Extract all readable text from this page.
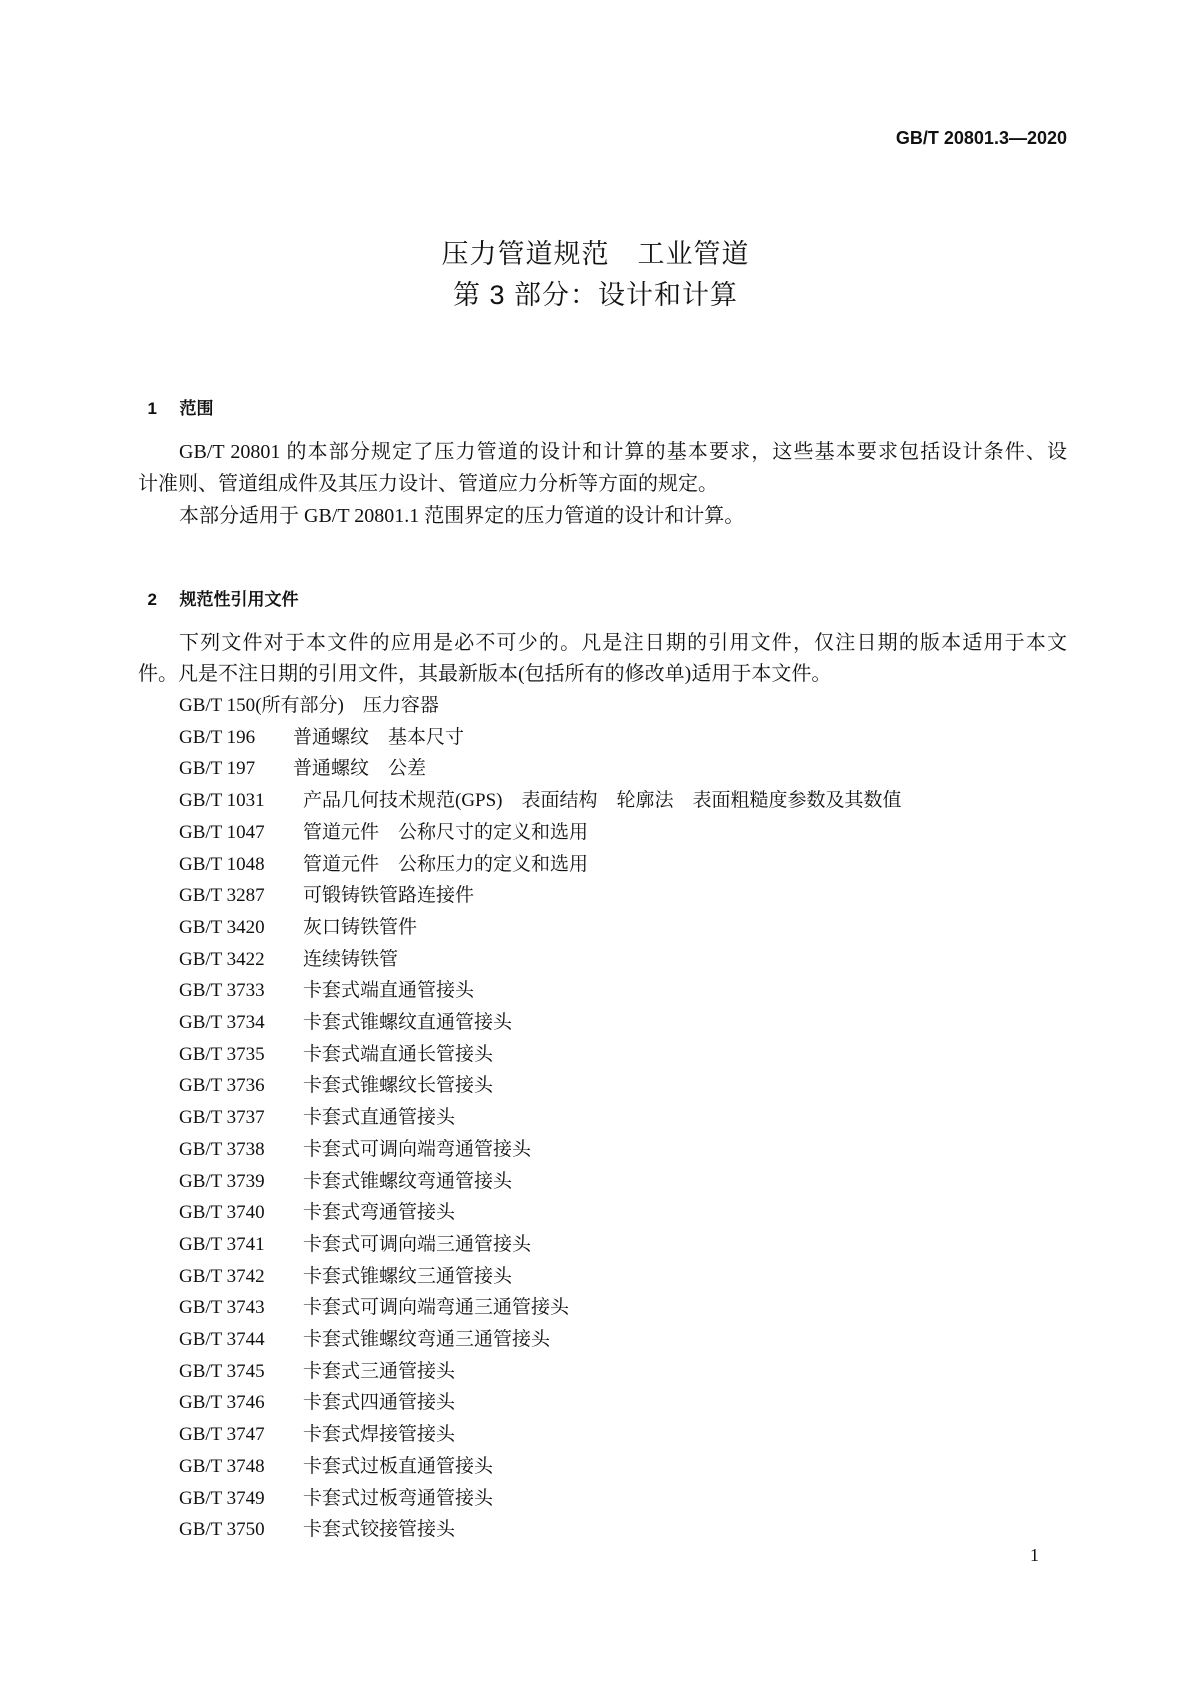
GB/T 20801.3—2020
压力管道规范　工业管道
第 3 部分：设计和计算

1 范围

GB/T 20801 的本部分规定了压力管道的设计和计算的基本要求，这些基本要求包括设计条件、设
计准则、管道组成件及其压力设计、管道应力分析等方面的规定。
本部分适用于 GB/T 20801.1 范围界定的压力管道的设计和计算。

2 规范性引用文件

下列文件对于本文件的应用是必不可少的。凡是注日期的引用文件，仅注日期的版本适用于本文
件。凡是不注日期的引用文件，其最新版本(包括所有的修改单)适用于本文件。
GB/T 150(所有部分)　压力容器
GB/T 196 普通螺纹　基本尺寸
GB/T 197 普通螺纹　公差
GB/T 1031 产品几何技术规范(GPS)　表面结构　轮廓法　表面粗糙度参数及其数值
GB/T 1047 管道元件　公称尺寸的定义和选用
GB/T 1048 管道元件　公称压力的定义和选用
GB/T 3287 可锻铸铁管路连接件
GB/T 3420 灰口铸铁管件
GB/T 3422 连续铸铁管
GB/T 3733 卡套式端直通管接头
GB/T 3734 卡套式锥螺纹直通管接头
GB/T 3735 卡套式端直通长管接头
GB/T 3736 卡套式锥螺纹长管接头
GB/T 3737 卡套式直通管接头
GB/T 3738 卡套式可调向端弯通管接头
GB/T 3739 卡套式锥螺纹弯通管接头
GB/T 3740 卡套式弯通管接头
GB/T 3741 卡套式可调向端三通管接头
GB/T 3742 卡套式锥螺纹三通管接头
GB/T 3743 卡套式可调向端弯通三通管接头
GB/T 3744 卡套式锥螺纹弯通三通管接头
GB/T 3745 卡套式三通管接头
GB/T 3746 卡套式四通管接头
GB/T 3747 卡套式焊接管接头
GB/T 3748 卡套式过板直通管接头
GB/T 3749 卡套式过板弯通管接头
GB/T 3750 卡套式铰接管接头
1
